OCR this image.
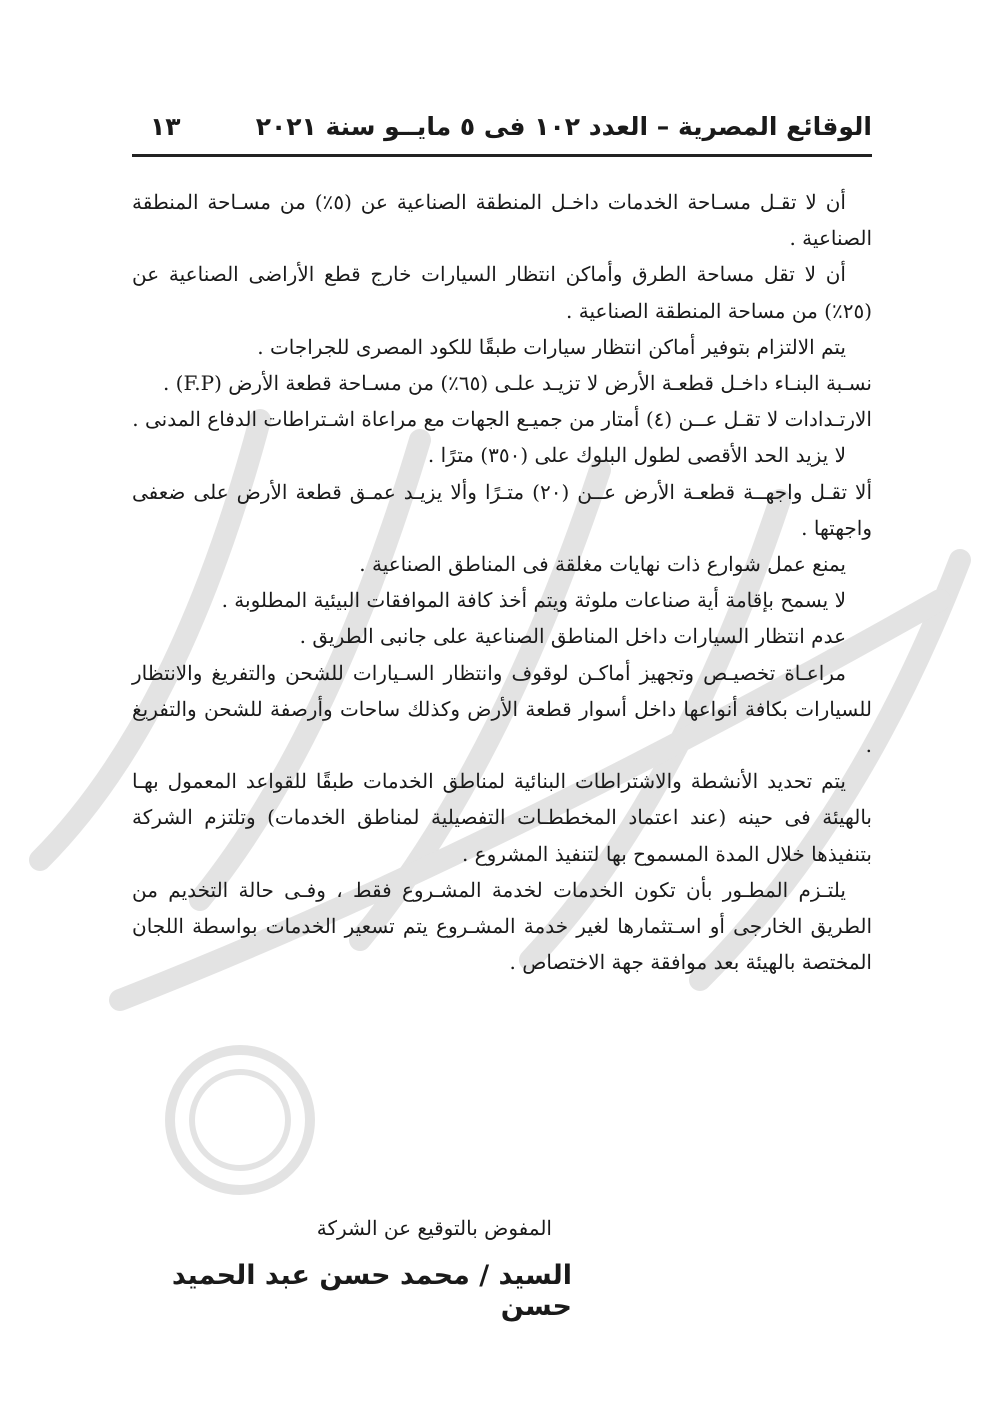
الوقائع المصرية – العدد ١٠٢ فى ٥ مايــو سنة ٢٠٢١
١٣

أن لا تقـل مسـاحة الخدمات داخـل المنطقة الصناعية عن (٥٪) من مسـاحة المنطقة الصناعية .

أن لا تقل مساحة الطرق وأماكن انتظار السيارات خارج قطع الأراضى الصناعية عن (٢٥٪) من مساحة المنطقة الصناعية .

يتم الالتزام بتوفير أماكن انتظار سيارات طبقًا للكود المصرى للجراجات .

نسـبة البنـاء داخـل قطعـة الأرض لا تزيـد علـى (٦٥٪) من مسـاحة قطعة الأرض (F.P) .

الارتـدادات لا تقـل عــن (٤) أمتار من جميـع الجهات مع مراعاة اشـتراطات الدفاع المدنى .

لا يزيد الحد الأقصى لطول البلوك على (٣٥٠) مترًا .

ألا تقـل واجهــة قطعـة الأرض عــن (٢٠) متـرًا وألا يزيـد عمـق قطعة الأرض على ضعفى واجهتها .

يمنع عمل شوارع ذات نهايات مغلقة فى المناطق الصناعية .

لا يسمح بإقامة أية صناعات ملوثة ويتم أخذ كافة الموافقات البيئية المطلوبة .

عدم انتظار السيارات داخل المناطق الصناعية على جانبى الطريق .

مراعـاة تخصيـص وتجهيز أماكـن لوقوف وانتظار السـيارات للشحن والتفريغ والانتظار للسيارات بكافة أنواعها داخل أسوار قطعة الأرض وكذلك ساحات وأرصفة للشحن والتفريغ .

يتم تحديد الأنشطة والاشتراطات البنائية لمناطق الخدمات طبقًا للقواعد المعمول بهـا بالهيئة فى حينه (عند اعتماد المخططـات التفصيلية لمناطق الخدمات) وتلتزم الشركة بتنفيذها خلال المدة المسموح بها لتنفيذ المشروع .

يلتـزم المطـور بأن تكون الخدمات لخدمة المشـروع فقط ، وفـى حالة التخديم من الطريق الخارجى أو اسـتثمارها لغير خدمة المشـروع يتم تسعير الخدمات بواسطة اللجان المختصة بالهيئة بعد موافقة جهة الاختصاص .

المفوض بالتوقيع عن الشركة
السيد / محمد حسن عبد الحميد حسن
